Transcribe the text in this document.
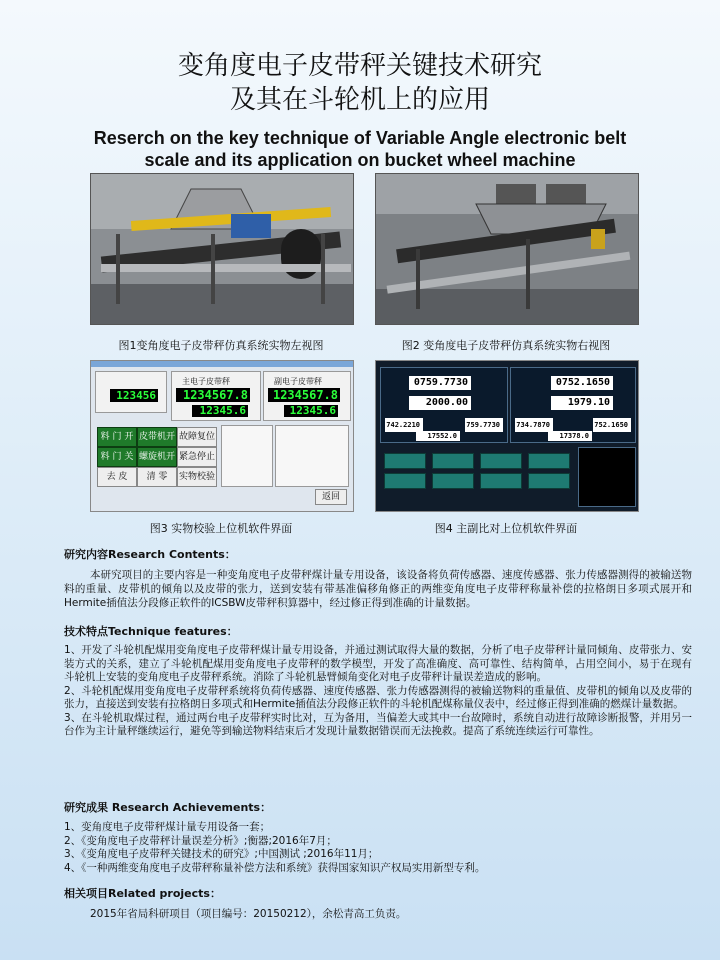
变角度电子皮带秤关键技术研究
及其在斗轮机上的应用
Reserch on the key technique of Variable Angle electronic belt
scale and its application on bucket wheel machine
图1变角度电子皮带秤仿真系统实物左视图	图2 变角度电子皮带秤仿真系统实物右视图
123456
主电子皮带秤
1234567.8
12345.6
副电子皮带秤
1234567.8
12345.6
料 门 开 皮带机开 故障复位
料 门 关 螺旋机开 紧急停止
去 皮	清 零	实物校验
返回
0759.7730
2000.00
742.2210	759.7730
17552.0
0752.1650
1979.10
734.7870	752.1650
17378.0
图3 实物校验上位机软件界面	图4 主副比对上位机软件界面
研究内容Research Contents：
本研究项目的主要内容是一种变角度电子皮带秤煤计量专用设备，该设备将负荷传感器、速度传感器、张力传感器测得的被输送物料的重量、皮带机的倾角以及皮带的张力，送到安装有带基准偏移角修正的两维变角度电子皮带秤称量补偿的拉格朗日多项式展开和Hermite插值法分段修正软件的ICSBW皮带秤积算器中，经过修正得到准确的计量数据。
技术特点Technique features：
1、开发了斗轮机配煤用变角度电子皮带秤煤计量专用设备，并通过测试取得大量的数据，分析了电子皮带秤计量同倾角、皮带张力、安装方式的关系，建立了斗轮机配煤用变角度电子皮带秤的数学模型，开发了高准确度、高可靠性、结构简单，占用空间小，易于在现有斗轮机上安装的变角度电子皮带秤系统。消除了斗轮机悬臂倾角变化对电子皮带秤计量误差造成的影响。
2、斗轮机配煤用变角度电子皮带秤系统将负荷传感器、速度传感器、张力传感器测得的被输送物料的重量值、皮带机的倾角以及皮带的张力，直接送到安装有拉格朗日多项式和Hermite插值法分段修正软件的斗轮机配煤称量仪表中，经过修正得到准确的燃煤计量数据。
3、在斗轮机取煤过程，通过两台电子皮带秤实时比对，互为备用，当偏差大或其中一台故障时，系统自动进行故障诊断报警，并用另一台作为主计量秤继续运行，避免等到输送物料结束后才发现计量数据错误而无法挽救。提高了系统连续运行可靠性。
研究成果 Research Achievements：
1、变角度电子皮带秤煤计量专用设备一套；
2、《变角度电子皮带秤计量误差分析》;衡器;2016年7月；
3、《变角度电子皮带秤关键技术的研究》;中国测试 ;2016年11月；
4、《一种两维变角度电子皮带秤称量补偿方法和系统》获得国家知识产权局实用新型专利。
相关项目Related projects：
2015年省局科研项目（项目编号：20150212），余松青高工负责。
